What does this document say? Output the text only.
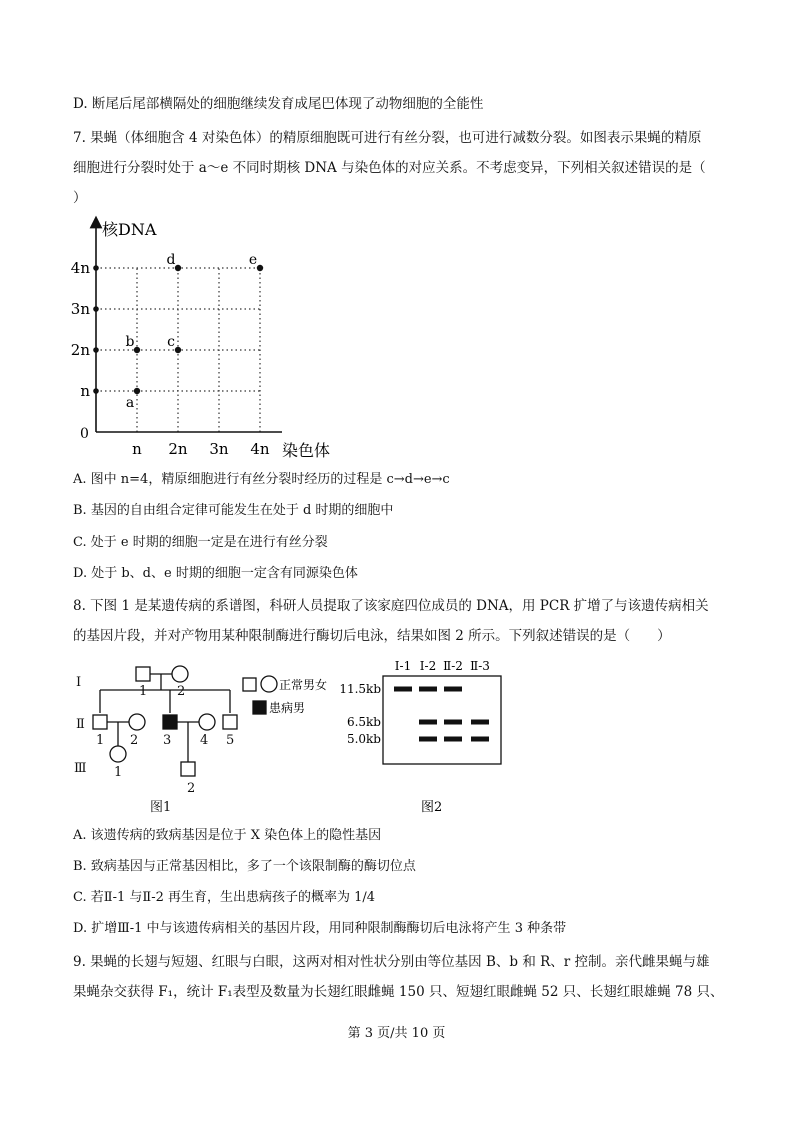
D. 断尾后尾部横隔处的细胞继续发育成尾巴体现了动物细胞的全能性
7. 果蝇（体细胞含 4 对染色体）的精原细胞既可进行有丝分裂，也可进行减数分裂。如图表示果蝇的精原
细胞进行分裂时处于 a～e 不同时期核 DNA 与染色体的对应关系。不考虑变异，下列相关叙述错误的是（
）
核DNA
染色体
0
n 2n 3n 4n
n
2n
3n
4n
a
b c
d	e
A. 图中 n=4，精原细胞进行有丝分裂时经历的过程是 c→d→e→c
B. 基因的自由组合定律可能发生在处于 d 时期的细胞中
C. 处于 e 时期的细胞一定是在进行有丝分裂
D. 处于 b、d、e 时期的细胞一定含有同源染色体
8. 下图 1 是某遗传病的系谱图，科研人员提取了该家庭四位成员的 DNA，用 PCR 扩增了与该遗传病相关
的基因片段，并对产物用某种限制酶进行酶切后电泳，结果如图 2 所示。下列叙述错误的是（　　）
Ⅰ
Ⅱ
Ⅲ
1 2
1 2 3 4 5
1
2
图1
正常男女
患病男
Ⅰ-1 Ⅰ-2 Ⅱ-2 Ⅱ-3
11.5kb
6.5kb
5.0kb
图2
A. 该遗传病的致病基因是位于 X 染色体上的隐性基因
B. 致病基因与正常基因相比，多了一个该限制酶的酶切位点
C. 若Ⅱ-1 与Ⅱ-2 再生育，生出患病孩子的概率为 1/4
D. 扩增Ⅲ-1 中与该遗传病相关的基因片段，用同种限制酶酶切后电泳将产生 3 种条带
9. 果蝇的长翅与短翅、红眼与白眼，这两对相对性状分别由等位基因 B、b 和 R、r 控制。亲代雌果蝇与雄
果蝇杂交获得 F₁，统计 F₁表型及数量为长翅红眼雌蝇 150 只、短翅红眼雌蝇 52 只、长翅红眼雄蝇 78 只、
第 3 页/共 10 页
